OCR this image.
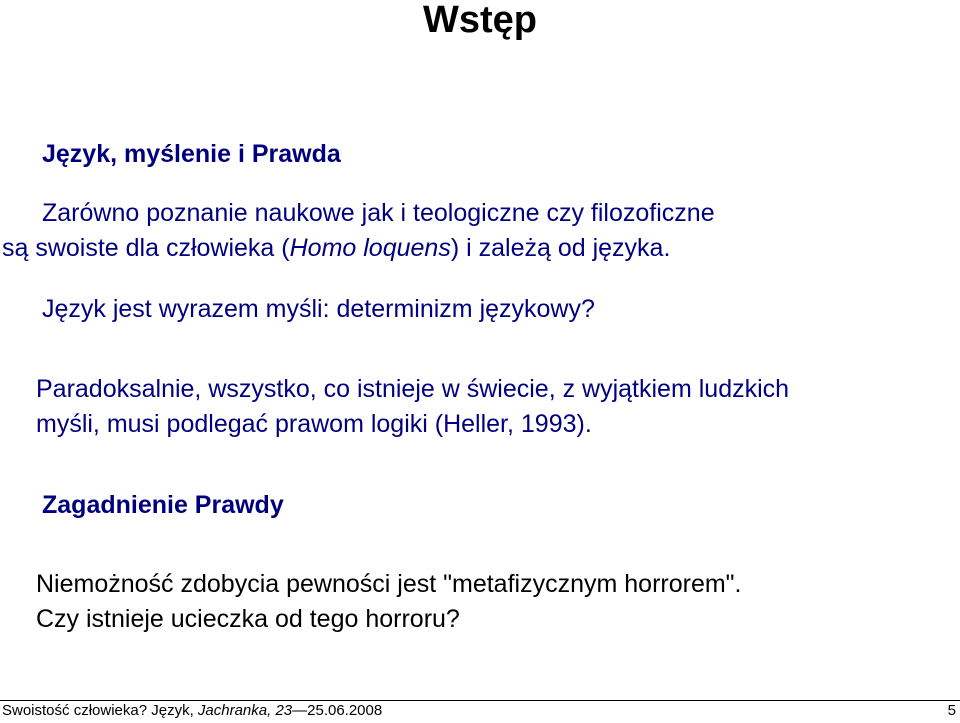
Wstęp
Język, myślenie i Prawda
Zarówno poznanie naukowe jak i teologiczne czy filozoficzne
są swoiste dla człowieka (Homo loquens) i zależą od języka.
Język jest wyrazem myśli: determinizm językowy?
Paradoksalnie, wszystko, co istnieje w świecie, z wyjątkiem ludzkich
myśli, musi podlegać prawom logiki (Heller, 1993).
Zagadnienie Prawdy
Niemożność zdobycia pewności jest "metafizycznym horrorem".
Czy istnieje ucieczka od tego horroru?
Swoistość człowieka? Język, Jachranka, 23—25.06.2008	5
